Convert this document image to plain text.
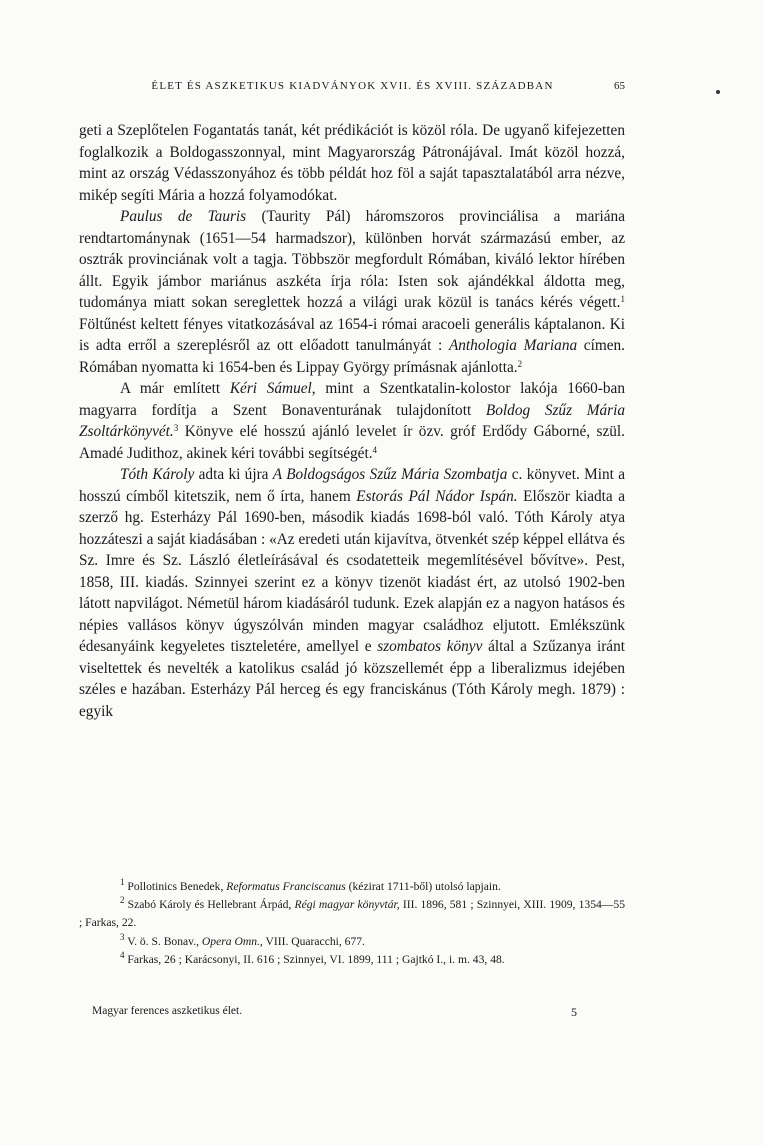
ÉLET ÉS ASZKETIKUS KIADVÁNYOK XVII. ÉS XVIII. SZÁZADBAN	65

geti a Szeplőtelen Fogantatás tanát, két prédikációt is közöl róla. De ugyanő kifejezetten foglalkozik a Boldogasszonnyal, mint Magyarország Pátronájával. Imát közöl hozzá, mint az ország Védasszonyához és több példát hoz föl a saját tapasztalatából arra nézve, mikép segíti Mária a hozzá folyamodókat.

Paulus de Tauris (Taurity Pál) háromszoros provinciálisa a mariána rendtartománynak (1651—54 harmadszor), különben horvát származású ember, az osztrák provinciának volt a tagja. Többször megfordult Rómában, kiváló lektor hírében állt. Egyik jámbor mariánus aszkéta írja róla: Isten sok ajándékkal áldotta meg, tudománya miatt sokan sereglettek hozzá a világi urak közül is tanács kérés végett.$^1$ Föltűnést keltett fényes vitatkozásával az 1654-i római aracoeli generális káptalanon. Ki is adta erről a szereplésről az ott előadott tanulmányát : Anthologia Mariana címen. Rómában nyomatta ki 1654-ben és Lippay György prímásnak ajánlotta.$^2$

A már említett Kéri Sámuel, mint a Szentkatalin-kolostor lakója 1660-ban magyarra fordítja a Szent Bonaventurának tulajdonított Boldog Szűz Mária Zsoltárkönyvét.$^3$ Könyve elé hosszú ajánló levelet ír özv. gróf Erdődy Gáborné, szül. Amadé Judithoz, akinek kéri további segítségét.$^4$

Tóth Károly adta ki újra A Boldogságos Szűz Mária Szombatja c. könyvet. Mint a hosszú címből kitetszik, nem ő írta, hanem Estorás Pál Nádor Ispán. Először kiadta a szerző hg. Esterházy Pál 1690-ben, második kiadás 1698-ból való. Tóth Károly atya hozzáteszi a saját kiadásában : «Az eredeti után kijavítva, ötvenkét szép képpel ellátva és Sz. Imre és Sz. László életleírásával és csodatetteik megemlítésével bővítve». Pest, 1858, III. kiadás. Szinnyei szerint ez a könyv tizenöt kiadást ért, az utolsó 1902-ben látott napvilágot. Németül három kiadásáról tudunk. Ezek alapján ez a nagyon hatásos és népies vallásos könyv úgyszólván minden magyar családhoz eljutott. Emlékszünk édesanyáink kegyeletes tiszteletére, amellyel e szombatos könyv által a Szűzanya iránt viseltettek és nevelték a katolikus család jó közszellemét épp a liberalizmus idejében széles e hazában. Esterházy Pál herceg és egy franciskánus (Tóth Károly megh. 1879) : egyik

$^1$ Pollotinics Benedek, Reformatus Franciscanus (kézirat 1711-ből) utolsó lapjain.

$^2$ Szabó Károly és Hellebrant Árpád, Régi magyar könyvtár, III. 1896, 581 ; Szinnyei, XIII. 1909, 1354—55 ; Farkas, 22.

$^3$ V. ö. S. Bonav., Opera Omn., VIII. Quaracchi, 677.

$^4$ Farkas, 26 ; Karácsonyi, II. 616 ; Szinnyei, VI. 1899, 111 ; Gajtkó I., i. m. 43, 48.

Magyar ferences aszketikus élet.	5
